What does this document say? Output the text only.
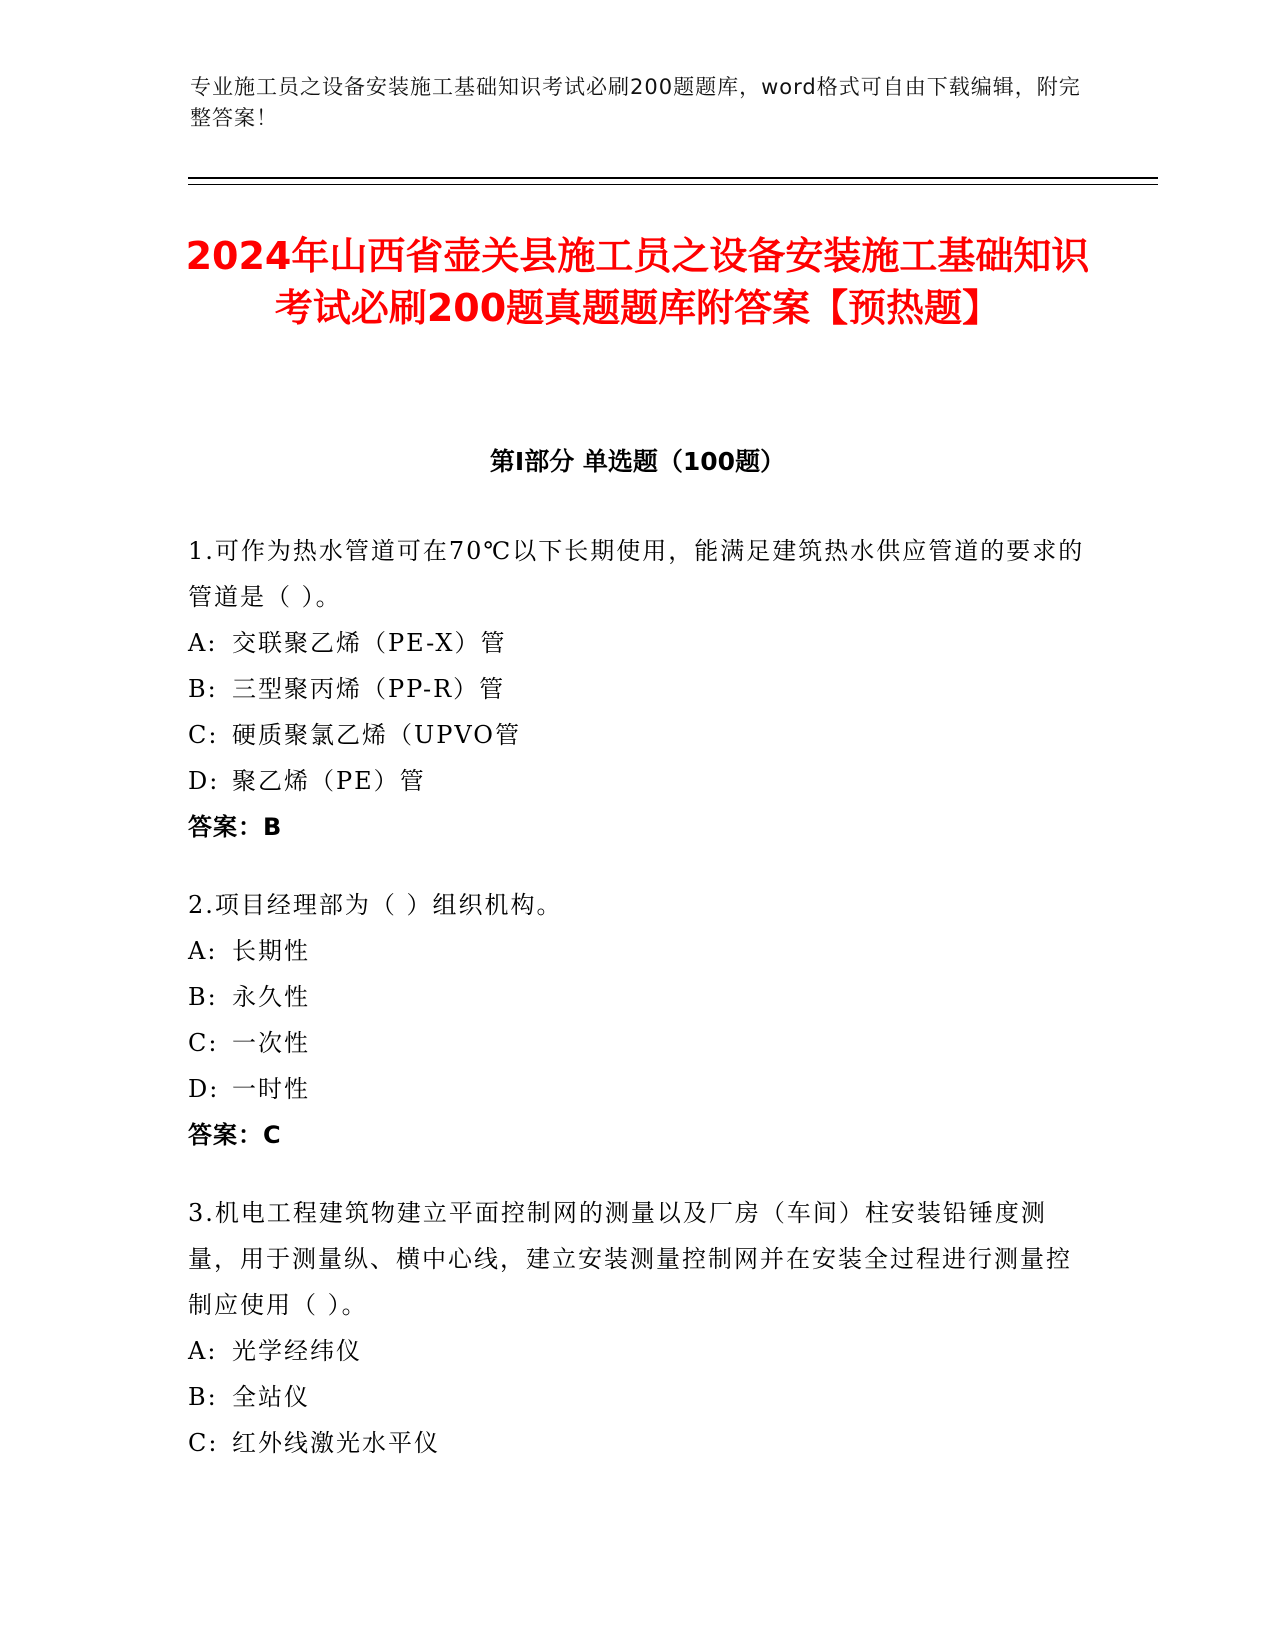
专业施工员之设备安装施工基础知识考试必刷200题题库，word格式可自由下载编辑，附完整答案！
2024年山西省壶关县施工员之设备安装施工基础知识考试必刷200题真题题库附答案【预热题】
第I部分 单选题（100题）

1.可作为热水管道可在70℃以下长期使用，能满足建筑热水供应管道的要求的管道是（ ）。

A: 交联聚乙烯（PE-X）管
B: 三型聚丙烯（PP-R）管
C: 硬质聚氯乙烯（UPVO管
D: 聚乙烯（PE）管
答案：B

2.项目经理部为（ ）组织机构。

A: 长期性
B: 永久性
C: 一次性
D: 一时性
答案：C

3.机电工程建筑物建立平面控制网的测量以及厂房（车间）柱安装铅锤度测量，用于测量纵、横中心线，建立安装测量控制网并在安装全过程进行测量控制应使用（ ）。

A: 光学经纬仪
B: 全站仪
C: 红外线激光水平仪
